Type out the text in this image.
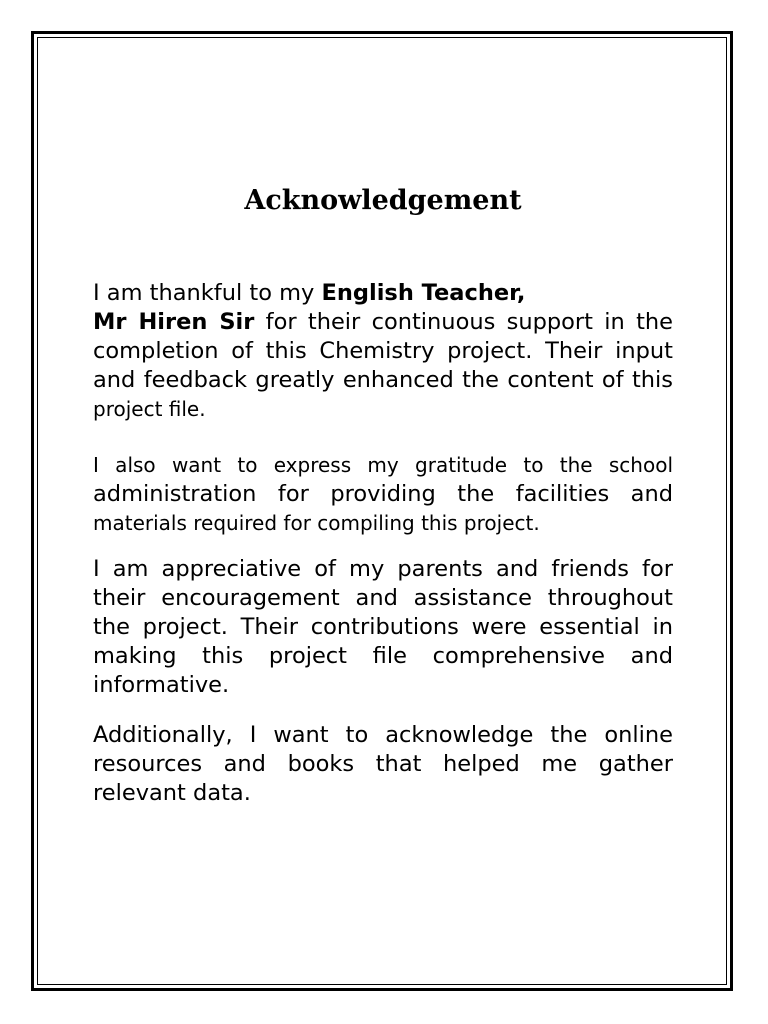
Acknowledgement

I am thankful to my English Teacher,
Mr Hiren Sir for their continuous support in the completion of this Chemistry project. Their input and feedback greatly enhanced the content of this project file.

I also want to express my gratitude to the school administration for providing the facilities and materials required for compiling this project.

I am appreciative of my parents and friends for their encouragement and assistance throughout the project. Their contributions were essential in making this project file comprehensive and informative.

Additionally, I want to acknowledge the online resources and books that helped me gather relevant data.
